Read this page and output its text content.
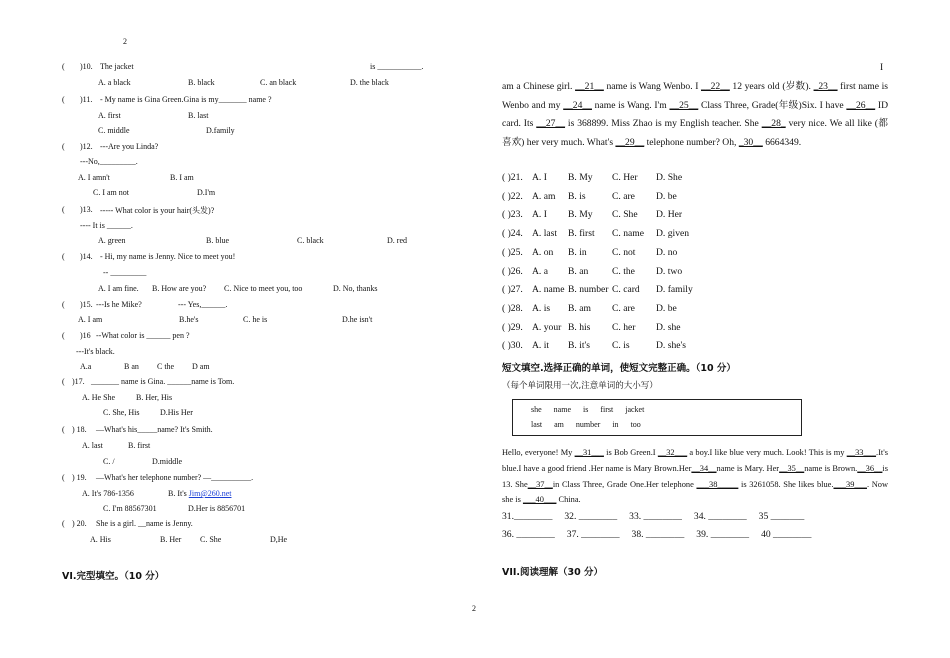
2
( )10. The jacket	is ___________.
A. a black	B. black	C. an black	D. the black
( )11. - My name is Gina Green.Gina is my_______ name ?
A. first	B. last
C. middle	D.family
( )12. ---Are you Linda?
---No,_________.
A. I amn't	B. I am
C. I am not	D.I'm
( )13. ----- What color is your hair(头发)?
---- It is ______.
A. green	B. blue	C. black	D. red
( )14. - Hi, my name is Jenny. Nice to meet you!
-- _________
A. I am fine. B. How are you? C. Nice to meet you, too	D. No, thanks
( )15. ---Is he Mike?	--- Yes,______.
A. I am	B.he's	C. he is	D.he isn't
( )16 --What color is ______ pen ?
---It's black.
A.a	B an C the D am
( )17. _______ name is Gina. ______name is Tom.
A. He She	B. Her, His
C. She, His	D.His Her
( ) 18. —What's his_____name? It's Smith.
A. last	B. first
C. /	D.middle
( ) 19. —What's her telephone number? —__________.
A. It's 786-1356	B. It's Jim@260.net
C. I'm 88567301	D.Her is 8856701
( ) 20. She is a girl. __name is Jenny.
A. His	B. Her C. She	D,He
VI.完型填空。（10 分）
2
I
am a Chinese girl. __21__ name is Wang Wenbo. I __22__ 12 years old (岁数). _23__ first name is Wenbo and my __24__ name is Wang. I'm __25__ Class Three, Grade(年级)Six. I have __26__ ID card. Its __27__ is 368899. Miss Zhao is my English teacher. She __28_ very nice. We all like (都喜欢) her very much. What's __29__ telephone number? Oh, _30__ 6664349.
( )21. A. I B. My C. Her D. She
( )22. A. am B. is	C. are D. be
( )23. A. I B. My C. She D. Her
( )24. A. last B. first C. name D. given
( )25. A. on B. in	C. not D. no
( )26. A. a B. an C. the D. two
( )27. A. name B. number C. card D. family
( )28. A. is B. am C. are D. be
( )29. A. your B. his C. her D. she
( )30. A. it B. it's C. is	D. she's
短文填空.选择正确的单词，使短文完整正确。（10 分）
（每个单词限用一次,注意单词的大小写）
she name is first jacket
last am number in too
Hello, everyone! My __31___ is Bob Green.I __32___ a boy.I like blue very much. Look! This is my __33___.It's blue.I have a good friend .Her name is Mary Brown.Her__34__name is Mary. Her__35__name is Brown.__36__is 13. She__37__in Class Three, Grade One.Her telephone ___38_____ is 3261058. She likes blue.___39___. Now she is ___40___ China.
31.________ 32. ________ 33. ________ 34. ________ 35 _______
36. ________ 37. ________ 38. ________ 39. ________ 40 ________
VII.阅读理解（30 分）
